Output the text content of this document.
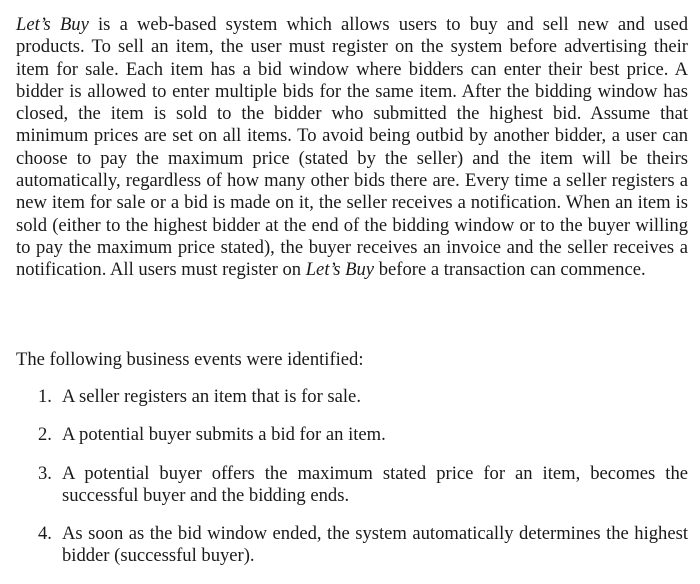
Let’s Buy is a web-based system which allows users to buy and sell new and used products. To sell an item, the user must register on the system before advertising their item for sale. Each item has a bid window where bidders can enter their best price. A bidder is allowed to enter multiple bids for the same item. After the bidding window has closed, the item is sold to the bidder who submitted the highest bid. Assume that minimum prices are set on all items. To avoid being outbid by another bidder, a user can choose to pay the maximum price (stated by the seller) and the item will be theirs automatically, regardless of how many other bids there are. Every time a seller registers a new item for sale or a bid is made on it, the seller receives a notification. When an item is sold (either to the highest bidder at the end of the bidding window or to the buyer willing to pay the maximum price stated), the buyer receives an invoice and the seller receives a notification. All users must register on Let’s Buy before a transaction can commence.

The following business events were identified:

1. A seller registers an item that is for sale.
2. A potential buyer submits a bid for an item.
3. A potential buyer offers the maximum stated price for an item, becomes the successful buyer and the bidding ends.
4. As soon as the bid window ended, the system automatically determines the highest bidder (successful buyer).
